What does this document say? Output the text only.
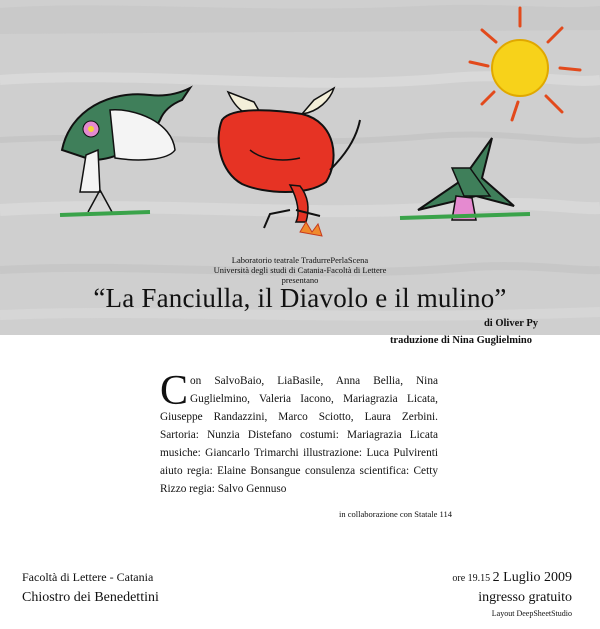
Laboratorio teatrale TradurrePerlaScena
Università degli studi di Catania-Facoltà di Lettere
presentano
“La Fanciulla, il Diavolo e il mulino”
di Oliver Py
traduzione di Nina Guglielmino
Con SalvoBaio, LiaBasile, Anna Bellia, Nina Guglielmino, Valeria Iacono, Mariagrazia Licata, Giuseppe Randazzini, Marco Sciotto, Laura Zerbini. Sartoria: Nunzia Distefano costumi: Mariagrazia Licata musiche: Giancarlo Trimarchi illustrazione: Luca Pulvirenti aiuto regia: Elaine Bonsangue consulenza scientifica: Cetty Rizzo regia: Salvo Gennuso
in collaborazione con Statale 114
Facoltà di Lettere - Catania
Chiostro dei Benedettini
ore 19.15 2 Luglio 2009
ingresso gratuito
Layout DeepSheetStudio
